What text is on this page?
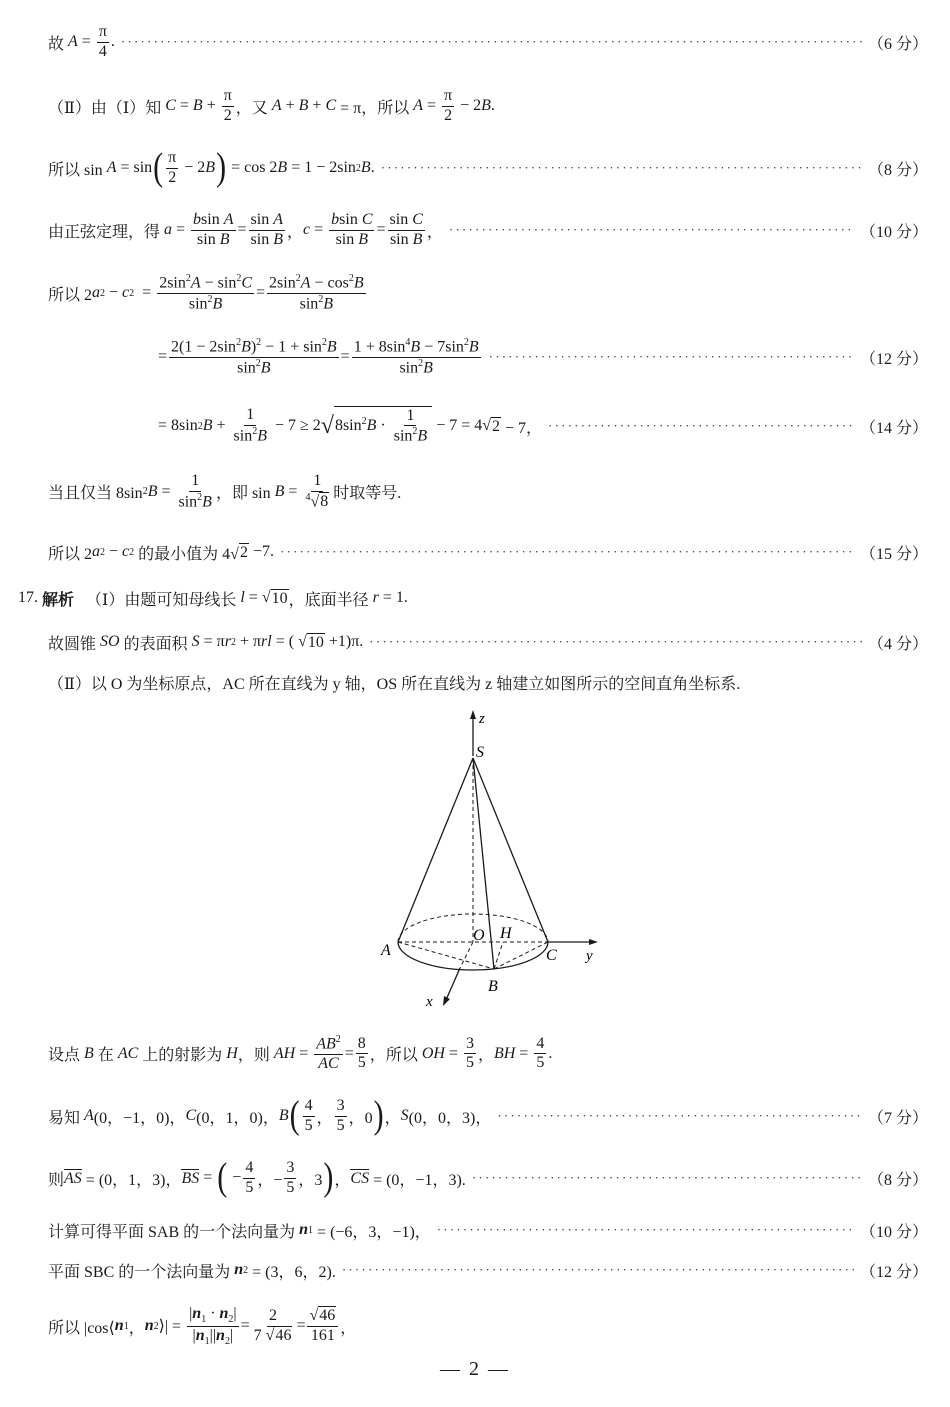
故 $A = \frac{\pi}{4}$ . ·····	（6 分）
（Ⅱ）由（Ⅰ）知
$C = B + \frac{\pi}{2}$ ，又 A + B + C = π，所以 $A = \frac{\pi}{2} - 2$ B .
所以 sin A = sin ( $\frac{\pi}{2} - 2$ B ) = cos 2 B = 1 − 2sin 2 B . ·····	（8 分）
由正弦定理，得 $a = \frac{\text{bsin A}}{\text{sin B}} = \frac{\text{sin A}}{\text{sin B}}$ ， $c = \frac{\text{bsin C}}{\text{sin B}} = \frac{\text{sin C}}{\text{sin B}}$ ， ·····	（10 分）
所以 2 a 2 − c $2 = \frac{2\sin^2A - \sin^2C}{\sin^2B} = \frac{2\sin^2A - \cos^2B}{\sin^2B}$
= $\frac{2(1 - 2\sin^2B)^2 - 1 + \sin^2B}{\sin^2B} = \frac{1 + 8\sin^4B - 7\sin^2B}{\sin^2B}$ ·····	（12 分）
= 8sin 2 $B + \frac{1}{\sin^2B} - 7 \ge 2$ √ $8\sin^2B \cdot \frac{1}{\sin^2B} - 7 = 4√$ 2 − 7， ·····	（14 分）
当且仅当 8sin 2 $B = \frac{1}{\sin^2B}$ ，即 $\sin B = \frac{1}{^4√8}$ 时取等号.
所以 2 a 2 − c 2 的最小值为 4√ 2 −7. ·····	（15 分）
17.
解析
（Ⅰ）由题可知母线长
l = √ 10 ，底面半径 r = 1.
故圆锥 SO 的表面积 S = π r 2 + π rl = ( √ 10 +1)π. ·····	（4 分）
（Ⅱ）以 O 为坐标原点，AC 所在直线为 y 轴，OS 所在直线为 z 轴建立如图所示的空间直角坐标系.
z
S
O H
A	C y
B
x
设点 B 在 AC 上的射影为 H ，则 AH = $\frac{AB^2}{AC} = \frac{8}{5}$ ，所以 OH = $\frac{3}{5}$ ， BH = $\frac{4}{5}$ .
易知 A (0，−1，0)， C (0，1，0)， B ( $\frac{4}{5}$ ， $\frac{3}{5}$ ，0 ) ， S (0，0，3)， ·····	（7 分）
则 AS = (0，1，3)， BS = ( − $\frac{4}{5}$ ，− $\frac{3}{5}$ ，3 ) ， CS = (0，−1，3). ·····	（8 分）
计算可得平面 SAB 的一个法向量为
n 1 = (−6，3，−1)， ·····	（10 分）
平面 SBC 的一个法向量为
n 2 = (3，6，2). ·····	（12 分）
所以 |cos⟨ n 1 ， n 2 ⟩| = $\frac{|n_1 \cdot n_2|}{|n_1||n_2|} = \frac{2}{7 √46} = \frac{√46}{161}$ ，
— 2 —
